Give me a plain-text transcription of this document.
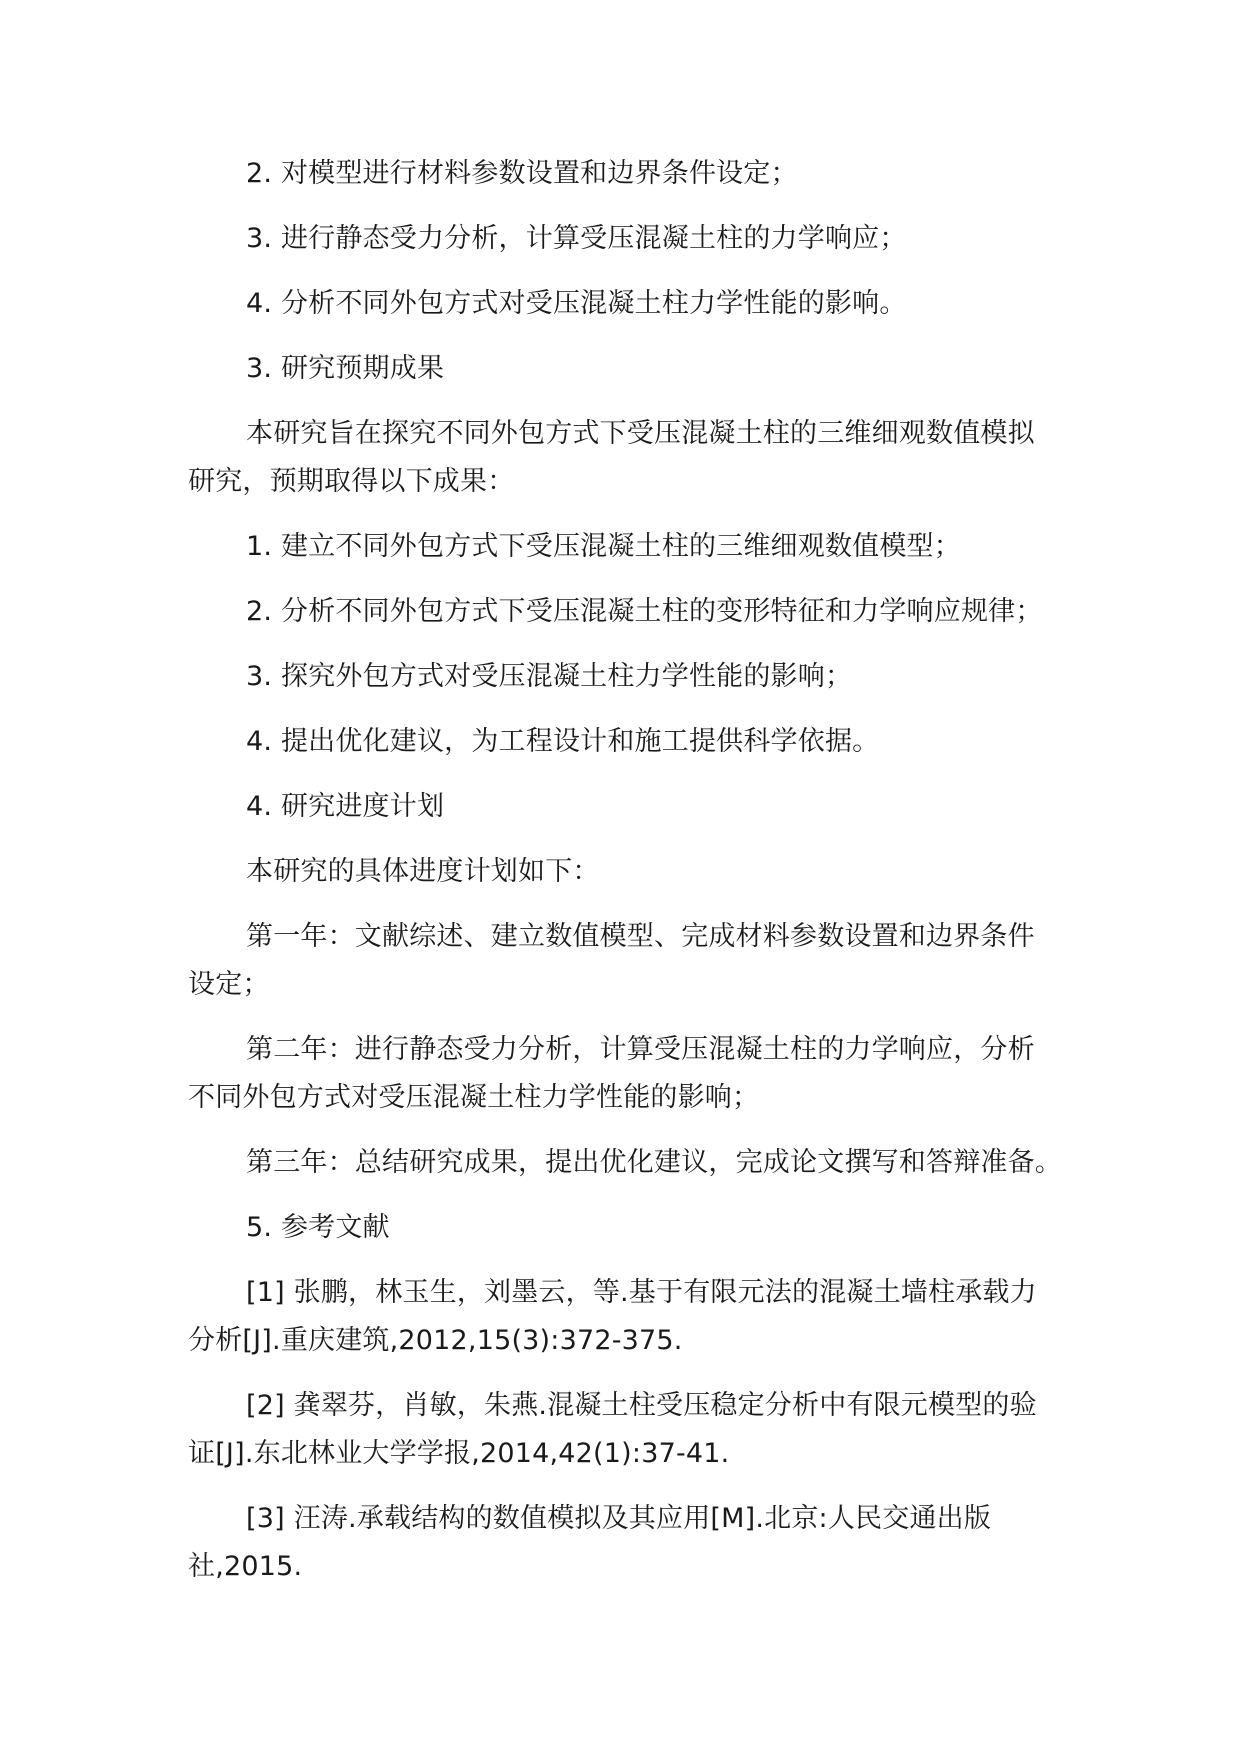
2. 对模型进行材料参数设置和边界条件设定；
3. 进行静态受力分析，计算受压混凝土柱的力学响应；
4. 分析不同外包方式对受压混凝土柱力学性能的影响。
3. 研究预期成果
本研究旨在探究不同外包方式下受压混凝土柱的三维细观数值模拟
研究，预期取得以下成果：
1. 建立不同外包方式下受压混凝土柱的三维细观数值模型；
2. 分析不同外包方式下受压混凝土柱的变形特征和力学响应规律；
3. 探究外包方式对受压混凝土柱力学性能的影响；
4. 提出优化建议，为工程设计和施工提供科学依据。
4. 研究进度计划
本研究的具体进度计划如下：
第一年：文献综述、建立数值模型、完成材料参数设置和边界条件
设定；
第二年：进行静态受力分析，计算受压混凝土柱的力学响应，分析
不同外包方式对受压混凝土柱力学性能的影响；
第三年：总结研究成果，提出优化建议，完成论文撰写和答辩准备。
5. 参考文献
[1] 张鹏，林玉生，刘墨云，等.基于有限元法的混凝土墙柱承载力
分析[J].重庆建筑,2012,15(3):372-375.
[2] 龚翠芬，肖敏，朱燕.混凝土柱受压稳定分析中有限元模型的验
证[J].东北林业大学学报,2014,42(1):37-41.
[3] 汪涛.承载结构的数值模拟及其应用[M].北京:人民交通出版
社,2015.
